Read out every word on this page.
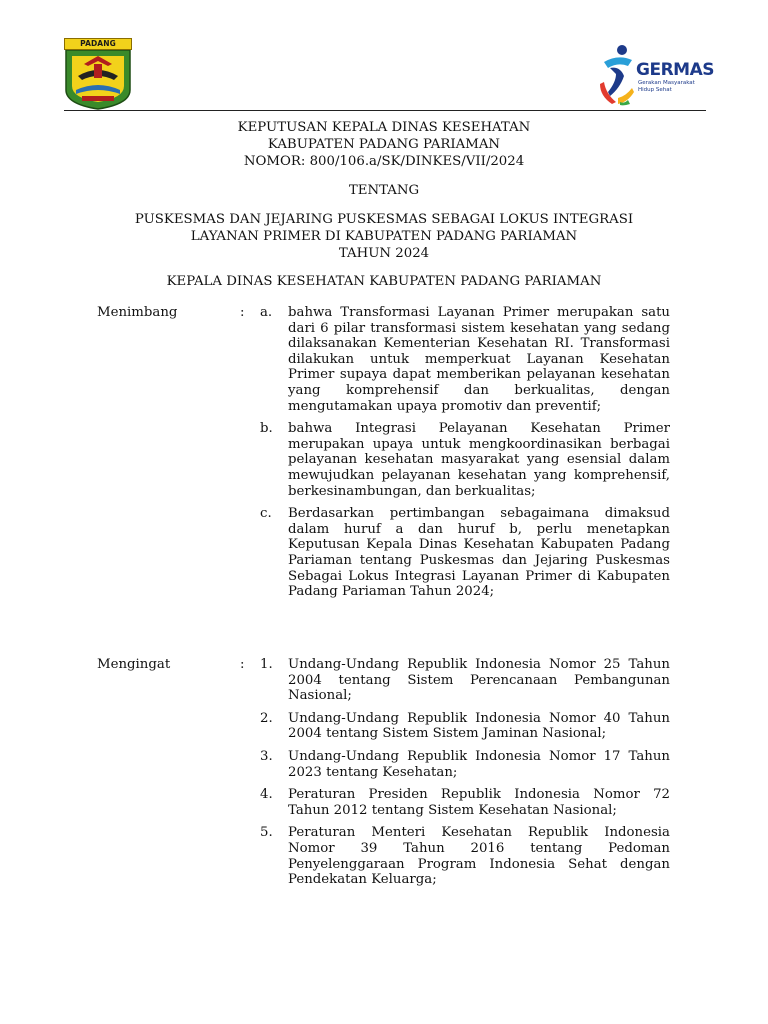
PADANG
GERMAS
Gerakan Masyarakat Hidup Sehat
KEPUTUSAN KEPALA DINAS KESEHATAN
KABUPATEN PADANG PARIAMAN
NOMOR: 800/106.a/SK/DINKES/VII/2024
TENTANG
PUSKESMAS DAN JEJARING PUSKESMAS SEBAGAI LOKUS INTEGRASI
LAYANAN PRIMER DI KABUPATEN PADANG PARIAMAN
TAHUN 2024
KEPALA DINAS KESEHATAN KABUPATEN PADANG PARIAMAN
Menimbang	: a. bahwa Transformasi Layanan Primer merupakan satu dari 6 pilar transformasi sistem kesehatan yang sedang dilaksanakan Kementerian Kesehatan RI. Transformasi dilakukan untuk memperkuat Layanan Kesehatan Primer supaya dapat memberikan pelayanan kesehatan yang komprehensif dan berkualitas, dengan mengutamakan upaya promotiv dan preventif;
b. bahwa Integrasi Pelayanan Kesehatan Primer merupakan upaya untuk mengkoordinasikan berbagai pelayanan kesehatan masyarakat yang esensial dalam mewujudkan pelayanan kesehatan yang komprehensif, berkesinambungan, dan berkualitas;
c. Berdasarkan pertimbangan sebagaimana dimaksud dalam huruf a dan huruf b, perlu menetapkan Keputusan Kepala Dinas Kesehatan Kabupaten Padang Pariaman tentang Puskesmas dan Jejaring Puskesmas Sebagai Lokus Integrasi Layanan Primer di Kabupaten Padang Pariaman Tahun 2024;
Mengingat	: 1. Undang-Undang Republik Indonesia Nomor 25 Tahun 2004 tentang Sistem Perencanaan Pembangunan Nasional;
2. Undang-Undang Republik Indonesia Nomor 40 Tahun 2004 tentang Sistem Sistem Jaminan Nasional;
3. Undang-Undang Republik Indonesia Nomor 17 Tahun 2023 tentang Kesehatan;
4. Peraturan Presiden Republik Indonesia Nomor 72 Tahun 2012 tentang Sistem Kesehatan Nasional;
5. Peraturan Menteri Kesehatan Republik Indonesia Nomor 39 Tahun 2016 tentang Pedoman Penyelenggaraan Program Indonesia Sehat dengan Pendekatan Keluarga;
